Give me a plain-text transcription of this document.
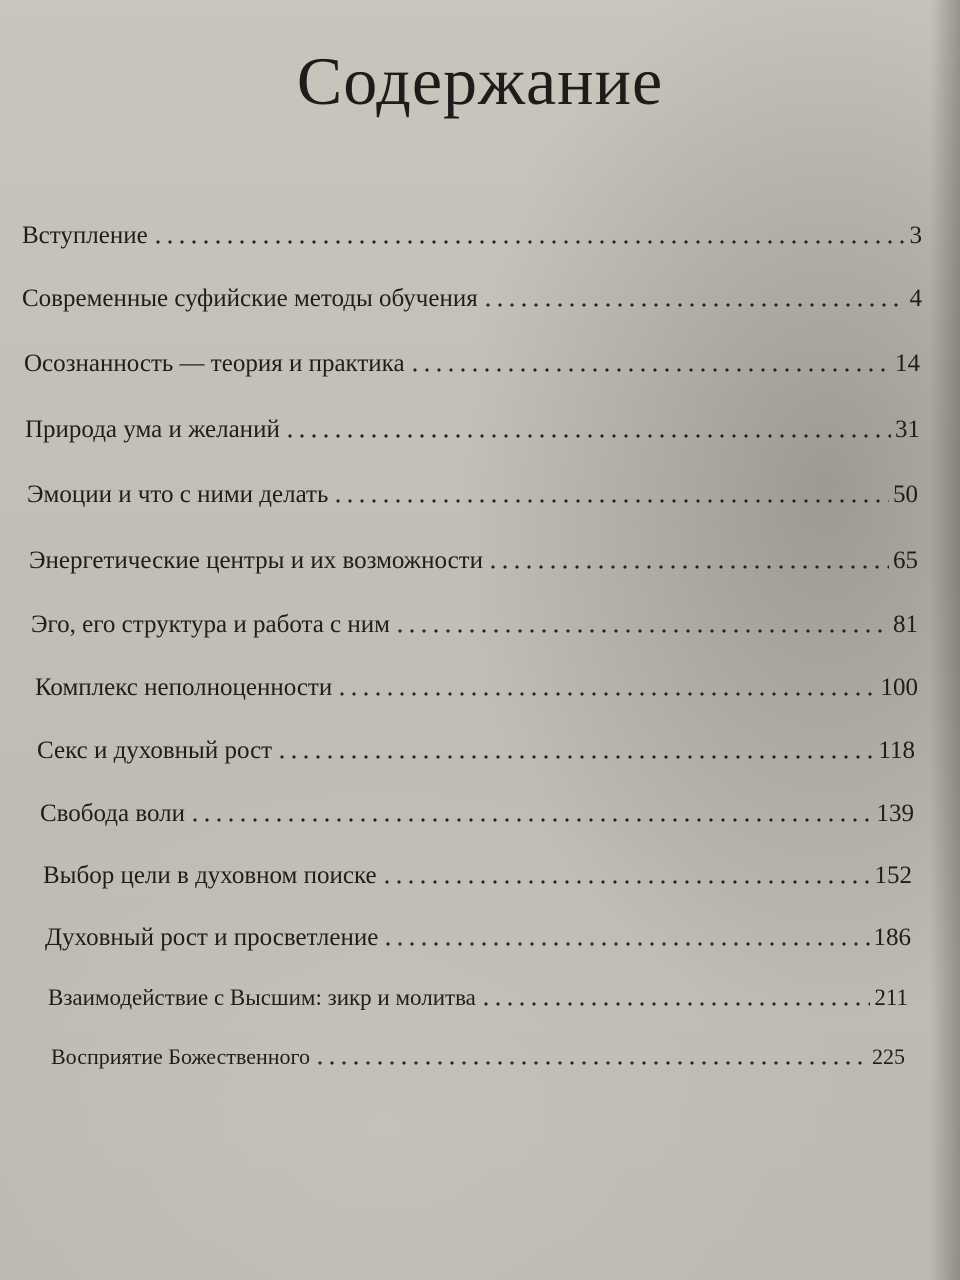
Содержание
Вступление	3
Современные суфийские методы обучения	4
Осознанность — теория и практика	14
Природа ума и желаний	31
Эмоции и что с ними делать	50
Энергетические центры и их возможности	65
Эго, его структура и работа с ним	81
Комплекс неполноценности	100
Секс и духовный рост	118
Свобода воли	139
Выбор цели в духовном поиске	152
Духовный рост и просветление	186
Взаимодействие с Высшим: зикр и молитва	211
Восприятие Божественного	225
